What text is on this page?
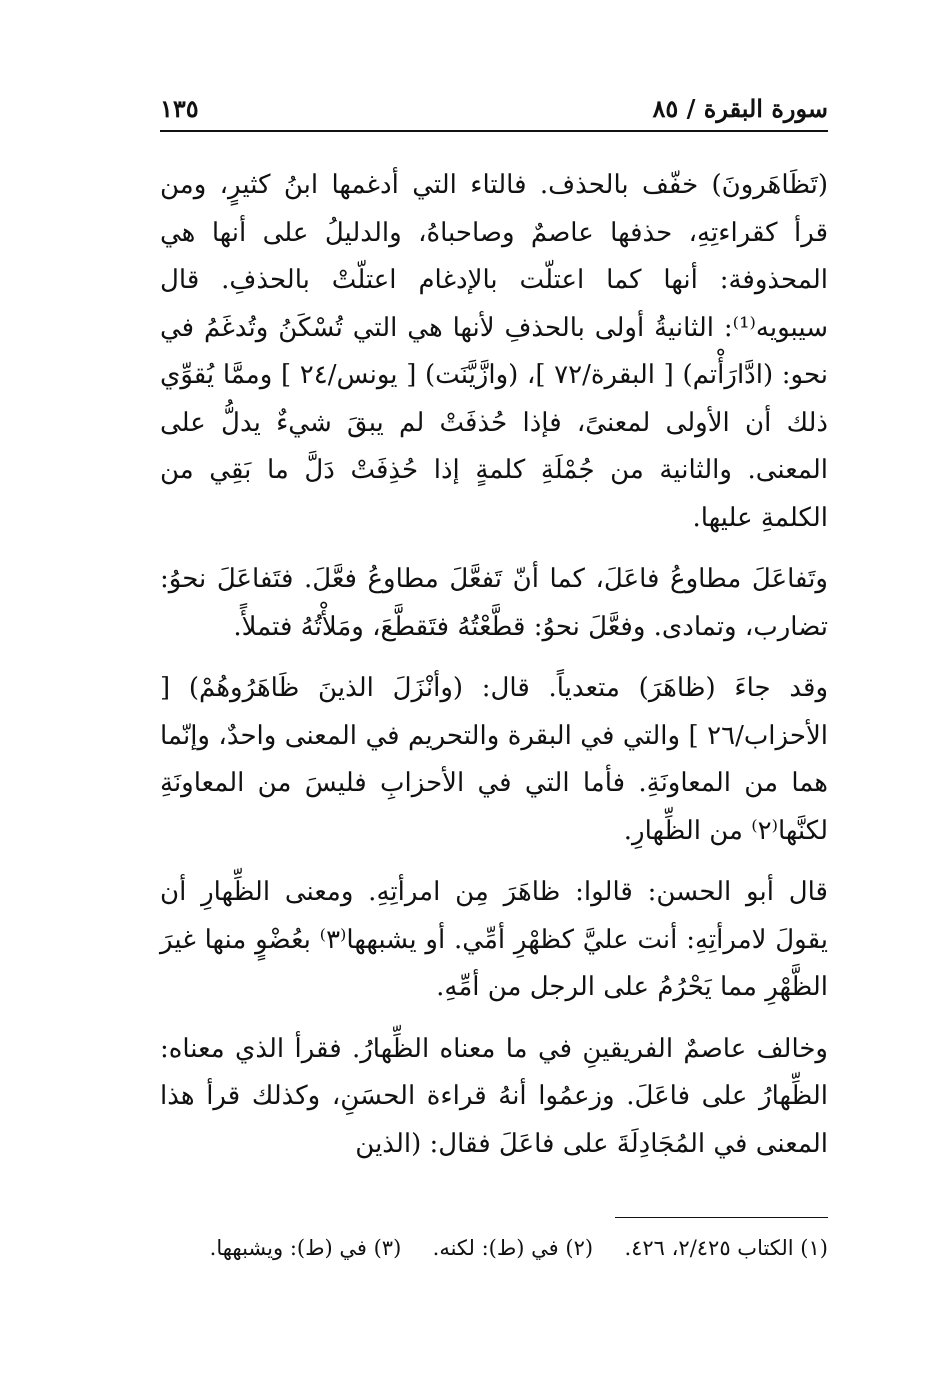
سورة البقرة / ٨٥
١٣٥

(تَظَاهَرونَ) خفّف بالحذف. فالتاء التي أدغمها ابنُ كثيرٍ، ومن قرأ كقراءتِهِ، حذفها عاصمٌ وصاحباهُ، والدليلُ على أنها هي المحذوفة: أنها كما اعتلّت بالإدغام اعتلّتْ بالحذفِ. قال سيبويه⁽¹⁾: الثانيةُ أولى بالحذفِ لأنها هي التي تُسْكَنُ وتُدغَمُ في نحو: (ادَّارَأْتم) [ البقرة/٧٢ ]، (وازَّيَّنَت) [ يونس/٢٤ ] وممَّا يُقوِّي ذلك أن الأولى لمعنىً، فإذا حُذفَتْ لم يبقَ شيءٌ يدلُّ على المعنى. والثانية من جُمْلَةِ كلمةٍ إذا حُذِفَتْ دَلَّ ما بَقِي من الكلمةِ عليها.

وتَفاعَلَ مطاوعُ فاعَلَ، كما أنّ تَفعَّلَ مطاوعُ فعَّلَ. فتَفاعَلَ نحوُ: تضارب، وتمادى. وفعَّلَ نحوُ: قطَّعْتُهُ فتَقطَّعَ، ومَلأْتُهُ فتملأً.

وقد جاءَ (ظاهَرَ) متعدياً. قال: (وأنْزَلَ الذينَ ظَاهَرُوهُمْ) [ الأحزاب/٢٦ ] والتي في البقرة والتحريم في المعنى واحدٌ، وإنّما هما من المعاونَةِ. فأما التي في الأحزابِ فليسَ من المعاونَةِ لكنَّها⁽٢⁾ من الظِّهارِ.

قال أبو الحسن: قالوا: ظاهَرَ مِن امرأتِهِ. ومعنى الظِّهارِ أن يقولَ لامرأتِهِ: أنت عليَّ كظهْرِ أمِّي. أو يشبهها⁽٣⁾ بعُضْوٍ منها غيرَ الظَّهْرِ مما يَحْرُمُ على الرجل من أمِّهِ.

وخالف عاصمٌ الفريقينِ في ما معناه الظِّهارُ. فقرأ الذي معناه: الظِّهارُ على فاعَلَ. وزعمُوا أنهُ قراءة الحسَنِ، وكذلك قرأ هذا المعنى في المُجَادِلَةَ على فاعَلَ فقال: (الذين

(١) الكتاب ٢/٤٢٥، ٤٢٦.  (٢) في (ط): لكنه.  (٣) في (ط): ويشبهها.
